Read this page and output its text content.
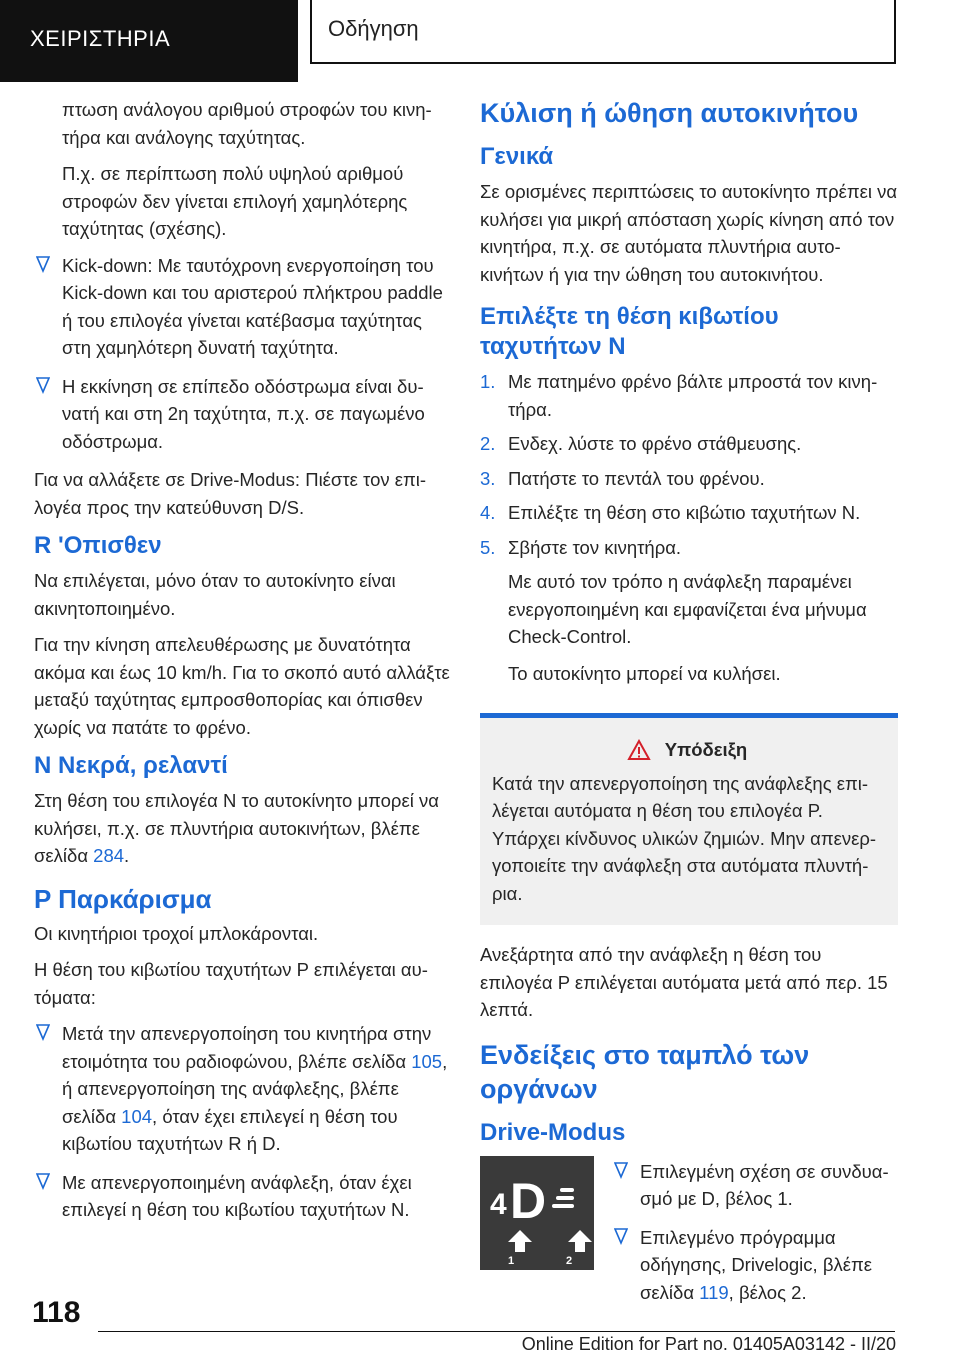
ΧΕΙΡΙΣΤΗΡΙΑ	Οδήγηση

πτωση ανάλογου αριθμού στροφών του κινητήρα και ανάλογης ταχύτητας.

Π.χ. σε περίπτωση πολύ υψηλού αριθμού στροφών δεν γίνεται επιλογή χαμηλότερης ταχύτητας (σχέσης).

Kick-down: Με ταυτόχρονη ενεργοποίηση του Kick-down και του αριστερού πλήκτρου paddle ή του επιλογέα γίνεται κατέβασμα ταχύτητας στη χαμηλότερη δυνατή ταχύτητα.
Η εκκίνηση σε επίπεδο οδόστρωμα είναι δυνατή και στη 2η ταχύτητα, π.χ. σε παγωμένο οδόστρωμα.

Για να αλλάξετε σε Drive-Modus: Πιέστε τον επιλογέα προς την κατεύθυνση D/S.

R 'Οπισθεν

Να επιλέγεται, μόνο όταν το αυτοκίνητο είναι ακινητοποιημένο.

Για την κίνηση απελευθέρωσης με δυνατότητα ακόμα και έως 10 km/h. Για το σκοπό αυτό αλλάξτε μεταξύ ταχύτητας εμπροσθοπορίας και όπισθεν χωρίς να πατάτε το φρένο.

N Νεκρά, ρελαντί

Στη θέση του επιλογέα N το αυτοκίνητο μπορεί να κυλήσει, π.χ. σε πλυντήρια αυτοκινήτων, βλέπε σελίδα 284.

P Παρκάρισμα

Οι κινητήριοι τροχοί μπλοκάρονται.

Η θέση του κιβωτίου ταχυτήτων P επιλέγεται αυτόματα:

Μετά την απενεργοποίηση του κινητήρα στην ετοιμότητα του ραδιοφώνου, βλέπε σελίδα 105, ή απενεργοποίηση της ανάφλεξης, βλέπε σελίδα 104, όταν έχει επιλεγεί η θέση του κιβωτίου ταχυτήτων R ή D.
Με απενεργοποιημένη ανάφλεξη, όταν έχει επιλεγεί η θέση του κιβωτίου ταχυτήτων N.
Κύλιση ή ώθηση αυτοκινήτου
Γενικά

Σε ορισμένες περιπτώσεις το αυτοκίνητο πρέπει να κυλήσει για μικρή απόσταση χωρίς κίνηση από τον κινητήρα, π.χ. σε αυτόματα πλυντήρια αυτοκινήτων ή για την ώθηση του αυτοκινήτου.

Επιλέξτε τη θέση κιβωτίου ταχυτήτων N
1. Με πατημένο φρένο βάλτε μπροστά τον κινητήρα.
2. Ενδεχ. λύστε το φρένο στάθμευσης.
3. Πατήστε το πεντάλ του φρένου.
4. Επιλέξτε τη θέση στο κιβώτιο ταχυτήτων N.
5. Σβήστε τον κινητήρα.

Με αυτό τον τρόπο η ανάφλεξη παραμένει ενεργοποιημένη και εμφανίζεται ένα μήνυμα Check-Control.

Το αυτοκίνητο μπορεί να κυλήσει.

Υπόδειξη
Κατά την απενεργοποίηση της ανάφλεξης επιλέγεται αυτόματα η θέση του επιλογέα P. Υπάρχει κίνδυνος υλικών ζημιών. Μην απενεργοποιείτε την ανάφλεξη στα αυτόματα πλυντήρια.

Ανεξάρτητα από την ανάφλεξη η θέση του επιλογέα P επιλέγεται αυτόματα μετά από περ. 15 λεπτά.

Ενδείξεις στο ταμπλό των οργάνων
Drive-Modus
4 D
1	2
Επιλεγμένη σχέση σε συνδυασμό με D, βέλος 1.
Επιλεγμένο πρόγραμμα οδήγησης, Drivelogic, βλέπε σελίδα 119, βέλος 2.
118
Online Edition for Part no. 01405A03142 - II/20
